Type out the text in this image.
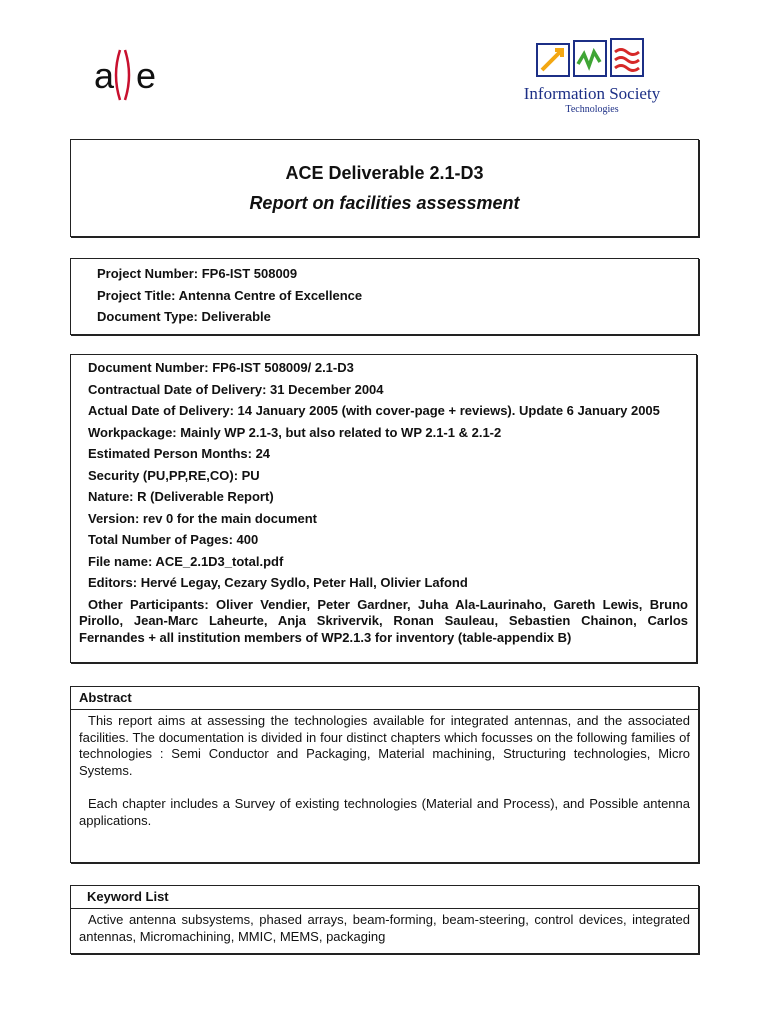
a e	Information Society
Technologies
ACE Deliverable 2.1-D3
Report on facilities assessment
Project Number: FP6-IST 508009
Project Title: Antenna Centre of Excellence
Document Type: Deliverable
Document Number: FP6-IST 508009/ 2.1-D3
Contractual Date of Delivery: 31 December 2004
Actual Date of Delivery: 14 January 2005 (with cover-page + reviews). Update 6 January 2005
Workpackage: Mainly WP 2.1-3, but also related to WP 2.1-1 & 2.1-2
Estimated Person Months: 24
Security (PU,PP,RE,CO): PU
Nature: R (Deliverable Report)
Version: rev 0 for the main document
Total Number of Pages: 400
File name: ACE_2.1D3_total.pdf
Editors: Hervé Legay, Cezary Sydlo, Peter Hall, Olivier Lafond
Other Participants: Oliver Vendier, Peter Gardner, Juha Ala-Laurinaho, Gareth Lewis, Bruno Pirollo, Jean-Marc Laheurte, Anja Skrivervik, Ronan Sauleau, Sebastien Chainon, Carlos Fernandes + all institution members of WP2.1.3 for inventory (table-appendix B)
Abstract

This report aims at assessing the technologies available for integrated antennas, and the associated facilities. The documentation is divided in four distinct chapters which focusses on the following families of technologies : Semi Conductor and Packaging, Material machining, Structuring technologies, Micro Systems.

Each chapter includes a Survey of existing technologies (Material and Process), and Possible antenna applications.

Keyword List

Active antenna subsystems, phased arrays, beam-forming, beam-steering, control devices, integrated antennas, Micromachining, MMIC, MEMS, packaging
